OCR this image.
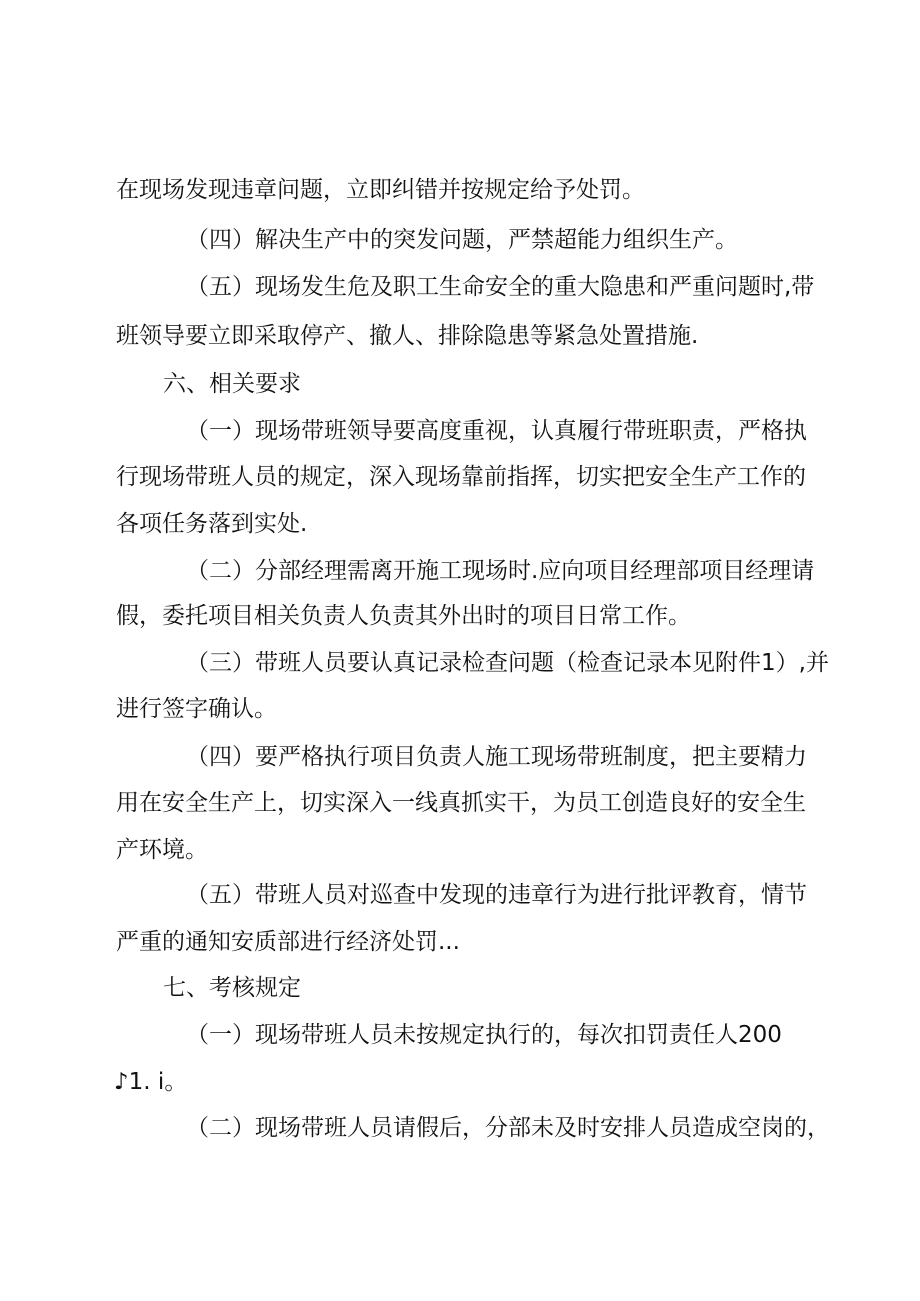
在现场发现违章问题，立即纠错并按规定给予处罚。
（四）解决生产中的突发问题，严禁超能力组织生产。
（五）现场发生危及职工生命安全的重大隐患和严重问题时,带
班领导要立即采取停产、撤人、排除隐患等紧急处置措施.
六、相关要求
（一）现场带班领导要高度重视，认真履行带班职责，严格执
行现场带班人员的规定，深入现场靠前指挥，切实把安全生产工作的
各项任务落到实处.
（二）分部经理需离开施工现场时.应向项目经理部项目经理请
假，委托项目相关负责人负责其外出时的项目日常工作。
（三）带班人员要认真记录检查问题（检查记录本见附件1）,并
进行签字确认。
（四）要严格执行项目负责人施工现场带班制度，把主要精力
用在安全生产上，切实深入一线真抓实干，为员工创造良好的安全生
产环境。
（五）带班人员对巡查中发现的违章行为进行批评教育，情节
严重的通知安质部进行经济处罚...
七、考核规定
（一）现场带班人员未按规定执行的，每次扣罚责任人200
♪1. i。
（二）现场带班人员请假后，分部未及时安排人员造成空岗的，
